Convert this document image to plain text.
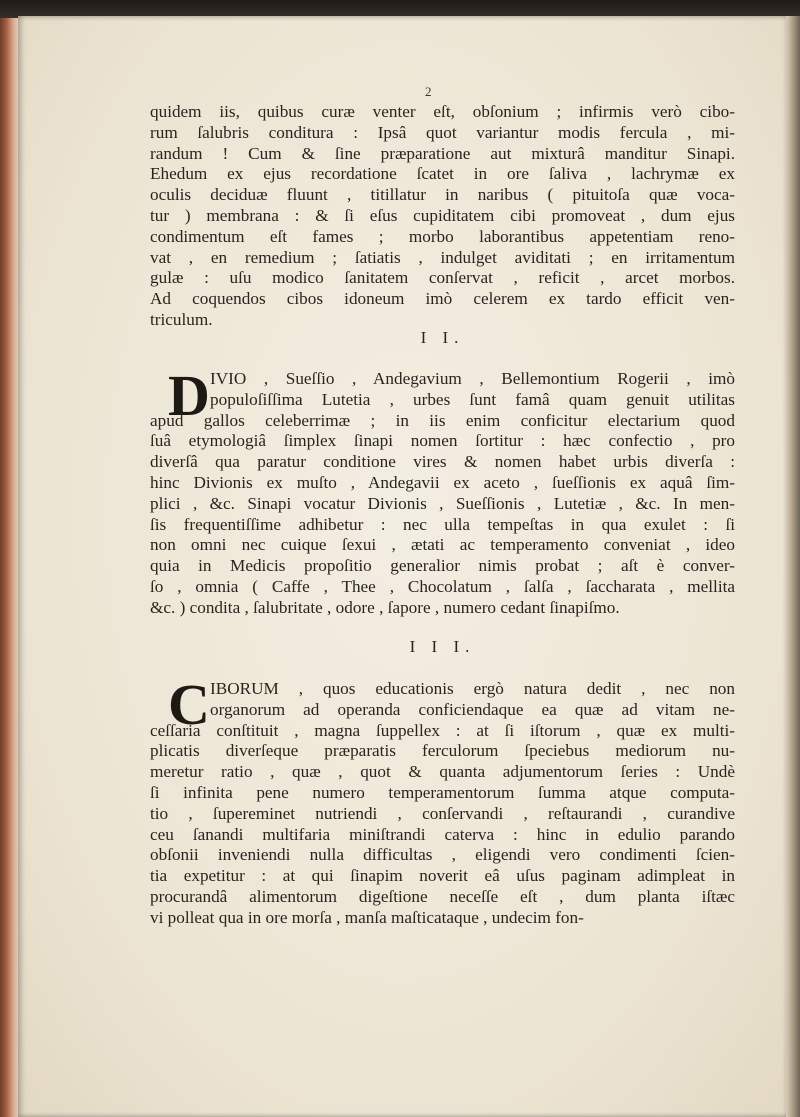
2
quidem iis, quibus curæ venter eſt, obſonium ; infirmis verò cibo-
rum ſalubris conditura : Ipsâ quot variantur modis fercula , mi-
randum ! Cum & ſine præparatione aut mixturâ manditur Sinapi.
Ehedum ex ejus recordatione ſcatet in ore ſaliva , lachrymæ ex
oculis deciduæ fluunt , titillatur in naribus ( pituitoſa quæ voca-
tur ) membrana : & ſi eſus cupiditatem cibi promoveat , dum ejus
condimentum eſt fames ; morbo laborantibus appetentiam reno-
vat , en remedium ; ſatiatis , indulget aviditati ; en irritamentum
gulæ : uſu modico ſanitatem conſervat , reficit , arcet morbos.
Ad coquendos cibos idoneum imò celerem ex tardo efficit ven-
triculum.
I I.
D IVIO , Sueſſio , Andegavium , Bellemontium Rogerii , imò
populoſiſſima Lutetia , urbes ſunt famâ quam genuit utilitas
apud gallos celeberrimæ ; in iis enim conficitur electarium quod
ſuâ etymologiâ ſimplex ſinapi nomen ſortitur : hæc confectio , pro
diverſâ qua paratur conditione vires & nomen habet urbis diverſa :
hinc Divionis ex muſto , Andegavii ex aceto , ſueſſionis ex aquâ ſim-
plici , &c. Sinapi vocatur Divionis , Sueſſionis , Lutetiæ , &c. In men-
ſis frequentiſſime adhibetur : nec ulla tempeſtas in qua exulet : ſi
non omni nec cuique ſexui , ætati ac temperamento conveniat , ideo
quia in Medicis propoſitio generalior nimis probat ; aſt è conver-
ſo , omnia ( Caffe , Thee , Chocolatum , ſalſa , ſaccharata , mellita
&c. ) condita , ſalubritate , odore , ſapore , numero cedant ſinapiſmo.
I I I.
C IBORUM , quos educationis ergò natura dedit , nec non
organorum ad operanda conficiendaque ea quæ ad vitam ne-
ceſſaria conſtituit , magna ſuppellex : at ſi iſtorum , quæ ex multi-
plicatis diverſeque præparatis ferculorum ſpeciebus mediorum nu-
meretur ratio , quæ , quot & quanta adjumentorum ſeries : Undè
ſi infinita pene numero temperamentorum ſumma atque computa-
tio , ſupereminet nutriendi , conſervandi , reſtaurandi , curandive
ceu ſanandi multifaria miniſtrandi caterva : hinc in edulio parando
obſonii inveniendi nulla difficultas , eligendi vero condimenti ſcien-
tia expetitur : at qui ſinapim noverit eâ uſus paginam adimpleat in
procurandâ alimentorum digeſtione neceſſe eſt , dum planta iſtæc
vi polleat qua in ore morſa , manſa maſticataque , undecim fon-
